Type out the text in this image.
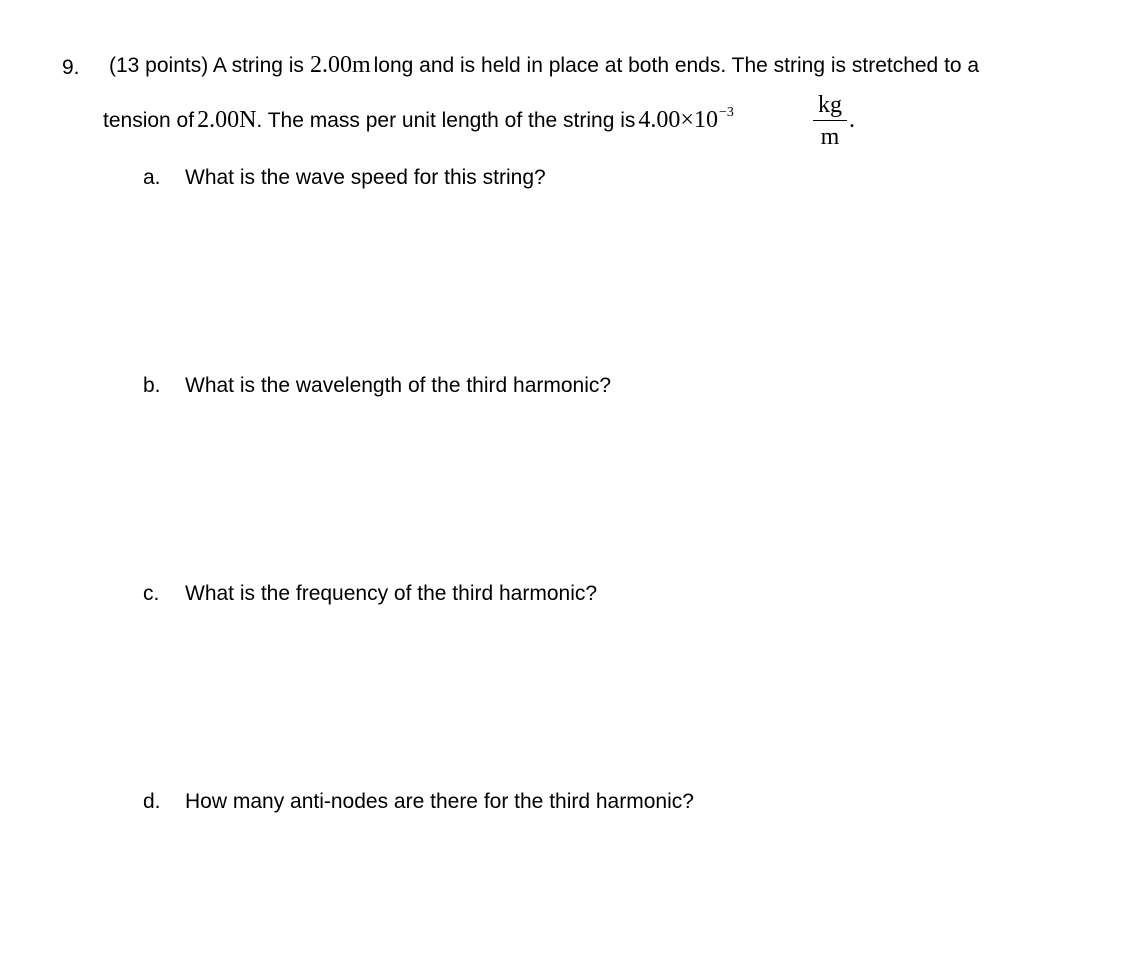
9. (13 points) A string is 2.00m long and is held in place at both ends. The string is stretched to a
tension of 2.00N . The mass per unit length of the string is 4.00×10 −3	$\frac{kg}{m}$ .
a. What is the wave speed for this string?
b. What is the wavelength of the third harmonic?
c. What is the frequency of the third harmonic?
d. How many anti-nodes are there for the third harmonic?
